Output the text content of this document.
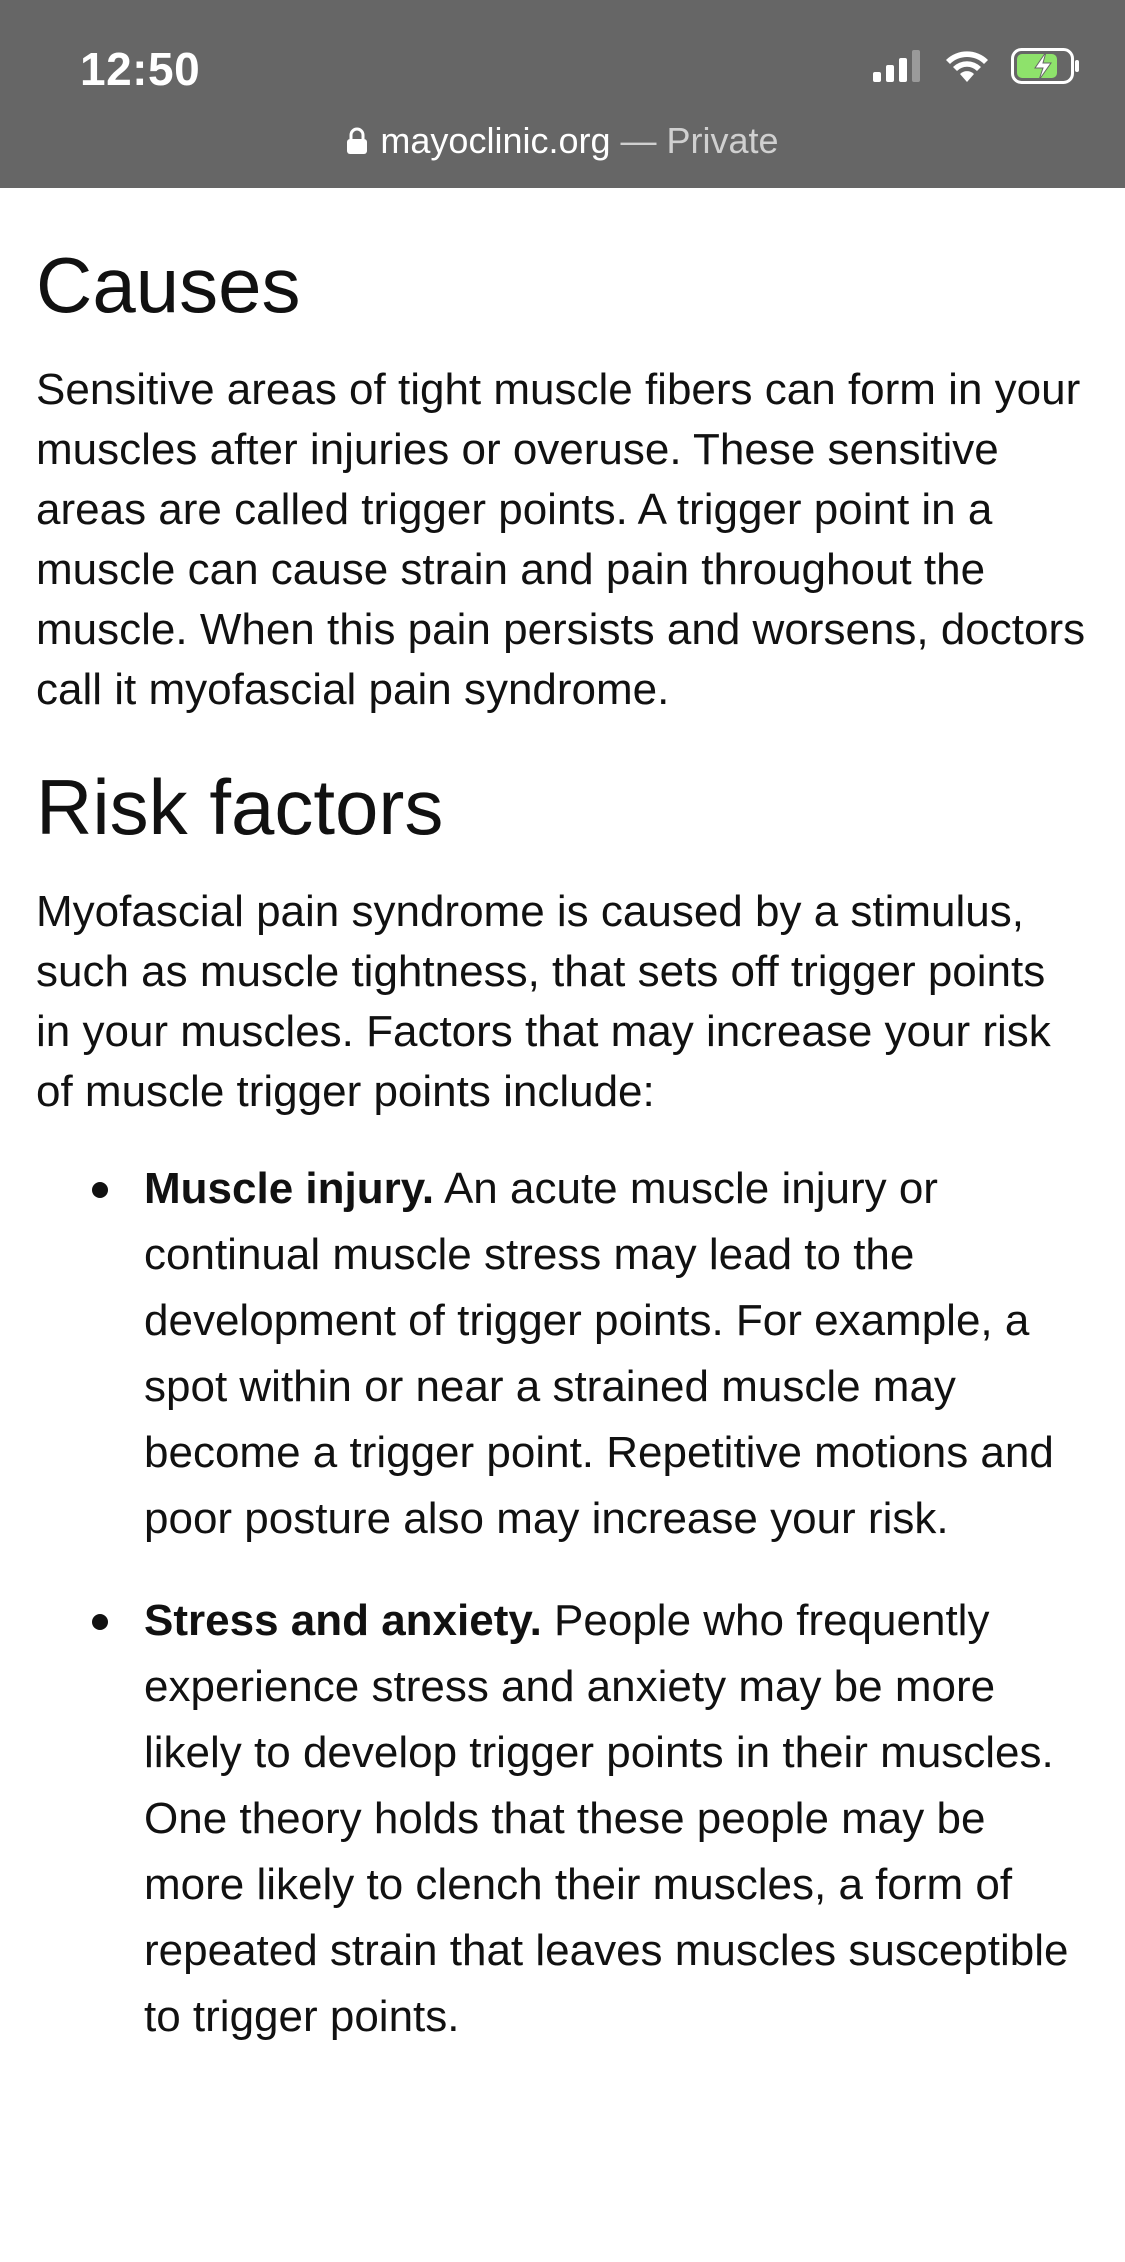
12:50
mayoclinic.org — Private
Causes

Sensitive areas of tight muscle fibers can form in your muscles after injuries or overuse. These sensitive areas are called trigger points. A trigger point in a muscle can cause strain and pain throughout the muscle. When this pain persists and worsens, doctors call it myofascial pain syndrome.

Risk factors

Myofascial pain syndrome is caused by a stimulus, such as muscle tightness, that sets off trigger points in your muscles. Factors that may increase your risk of muscle trigger points include:

Muscle injury. An acute muscle injury or continual muscle stress may lead to the development of trigger points. For example, a spot within or near a strained muscle may become a trigger point. Repetitive motions and poor posture also may increase your risk.
Stress and anxiety. People who frequently experience stress and anxiety may be more likely to develop trigger points in their muscles. One theory holds that these people may be more likely to clench their muscles, a form of repeated strain that leaves muscles susceptible to trigger points.
